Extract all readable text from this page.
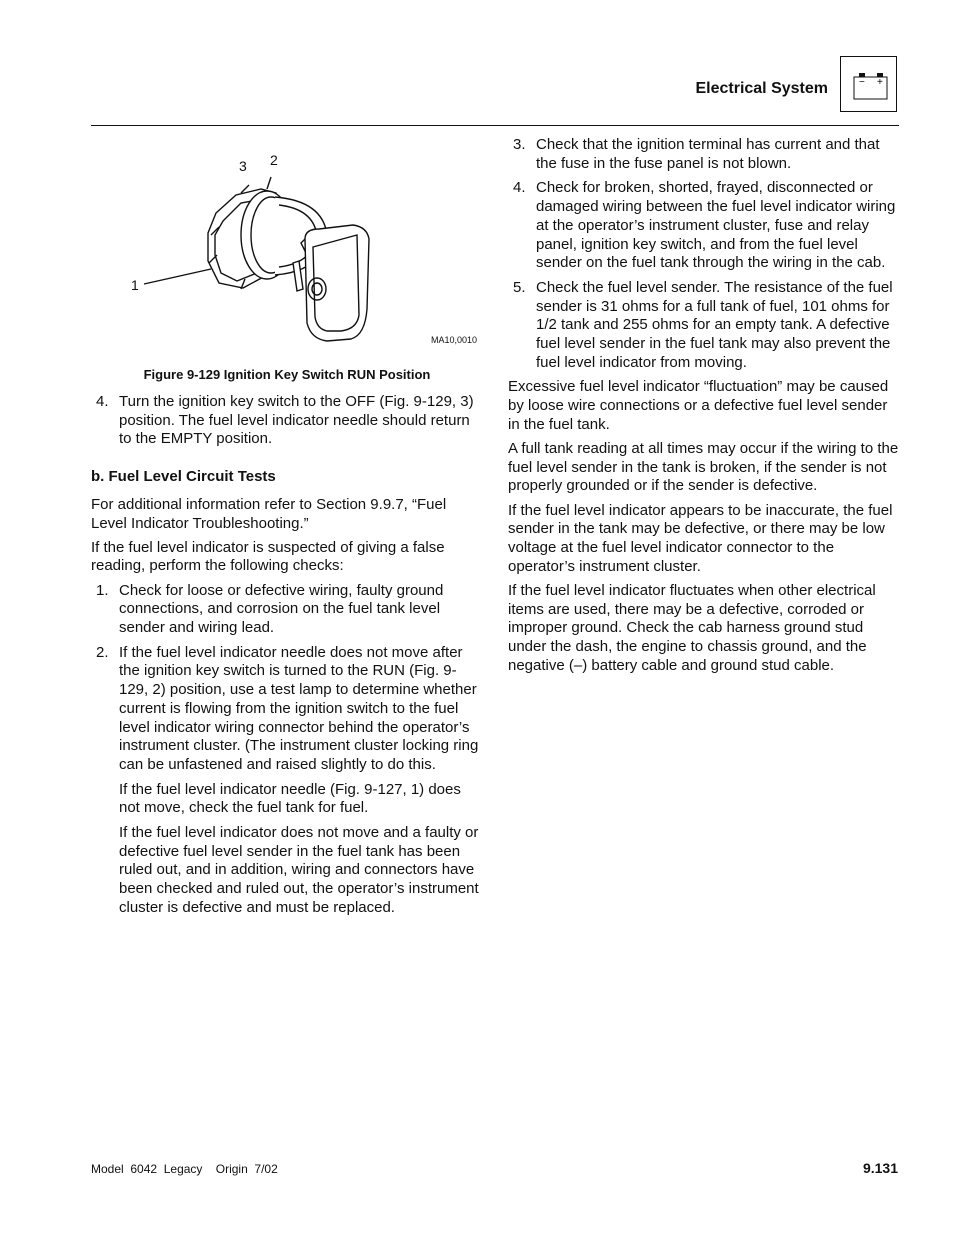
Electrical System	− +
3 2
1
MA10,0010
Figure 9-129 Ignition Key Switch RUN Position
4. Turn the ignition key switch to the OFF (Fig. 9-129, 3) position. The fuel level indicator needle should return to the EMPTY position.

b. Fuel Level Circuit Tests

For additional information refer to Section 9.9.7, “Fuel Level Indicator Troubleshooting.”

If the fuel level indicator is suspected of giving a false reading, perform the following checks:

1. Check for loose or defective wiring, faulty ground connections, and corrosion on the fuel tank level sender and wiring lead.

2. If the fuel level indicator needle does not move after the ignition key switch is turned to the RUN (Fig. 9-129, 2) position, use a test lamp to determine whether current is flowing from the ignition switch to the fuel level indicator wiring connector behind the operator’s instrument cluster. (The instrument cluster locking ring can be unfastened and raised slightly to do this.

If the fuel level indicator needle (Fig. 9-127, 1) does not move, check the fuel tank for fuel.

If the fuel level indicator does not move and a faulty or defective fuel level sender in the fuel tank has been ruled out, and in addition, wiring and connectors have been checked and ruled out, the operator’s instrument cluster is defective and must be replaced.

3. Check that the ignition terminal has current and that the fuse in the fuse panel is not blown.

4. Check for broken, shorted, frayed, disconnected or damaged wiring between the fuel level indicator wiring at the operator’s instrument cluster, fuse and relay panel, ignition key switch, and from the fuel level sender on the fuel tank through the wiring in the cab.

5. Check the fuel level sender. The resistance of the fuel sender is 31 ohms for a full tank of fuel, 101 ohms for 1/2 tank and 255 ohms for an empty tank. A defective fuel level sender in the fuel tank may also prevent the fuel level indicator from moving.

Excessive fuel level indicator “fluctuation” may be caused by loose wire connections or a defective fuel level sender in the fuel tank.

A full tank reading at all times may occur if the wiring to the fuel level sender in the tank is broken, if the sender is not properly grounded or if the sender is defective.

If the fuel level indicator appears to be inaccurate, the fuel sender in the tank may be defective, or there may be low voltage at the fuel level indicator connector to the operator’s instrument cluster.

If the fuel level indicator fluctuates when other electrical items are used, there may be a defective, corroded or improper ground. Check the cab harness ground stud under the dash, the engine to chassis ground, and the negative (–) battery cable and ground stud cable.

Model  6042  Legacy    Origin  7/02	9.131
